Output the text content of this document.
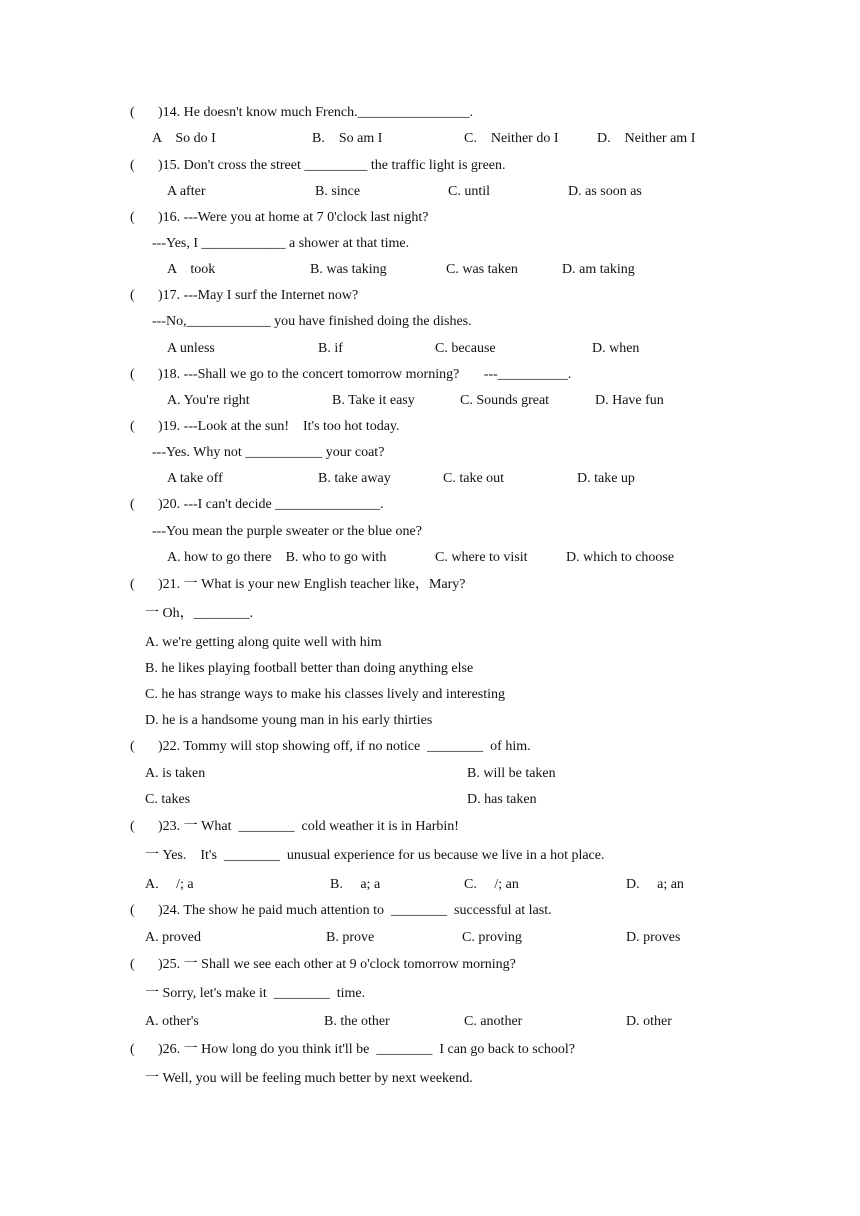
( )14. He doesn't know much French.________________.
A    So do I	B.    So am I	C.    Neither do I	D.    Neither am I
( )15. Don't cross the street _________ the traffic light is green.
A after	B. since	C. until	D. as soon as
( )16. ---Were you at home at 7 0'clock last night?
---Yes, I ____________ a shower at that time.
A    took	B. was taking	C. was taken	D. am taking
( )17. ---May I surf the Internet now?
---No,____________ you have finished doing the dishes.
A unless	B. if	C. because	D. when
( )18. ---Shall we go to the concert tomorrow morning?       ---__________.
A. You're right	B. Take it easy	C. Sounds great	D. Have fun
( )19. ---Look at the sun!    It's too hot today.
---Yes. Why not ___________ your coat?
A take off	B. take away	C. take out	D. take up
( )20. ---I can't decide _______________.
---You mean the purple sweater or the blue one?
A. how to go there    B. who to go with	C. where to visit	D. which to choose
( )21. 一 What is your new English teacher like，Mary?
一 Oh，________.
A. we're getting along quite well with him
B. he likes playing football better than doing anything else
C. he has strange ways to make his classes lively and interesting
D. he is a handsome young man in his early thirties
( )22. Tommy will stop showing off, if no notice  ________  of him.
A. is taken	B. will be taken
C. takes	D. has taken
( )23. 一 What  ________  cold weather it is in Harbin!
一 Yes.    It's  ________  unusual experience for us because we live in a hot place.
A.     /; a	B.     a; a	C.     /; an	D.     a; an
( )24. The show he paid much attention to  ________  successful at last.
A. proved	B. prove	C. proving	D. proves
( )25. 一 Shall we see each other at 9 o'clock tomorrow morning?
一 Sorry, let's make it  ________  time.
A. other's	B. the other	C. another	D. other
( )26. 一 How long do you think it'll be  ________  I can go back to school?
一 Well, you will be feeling much better by next weekend.
